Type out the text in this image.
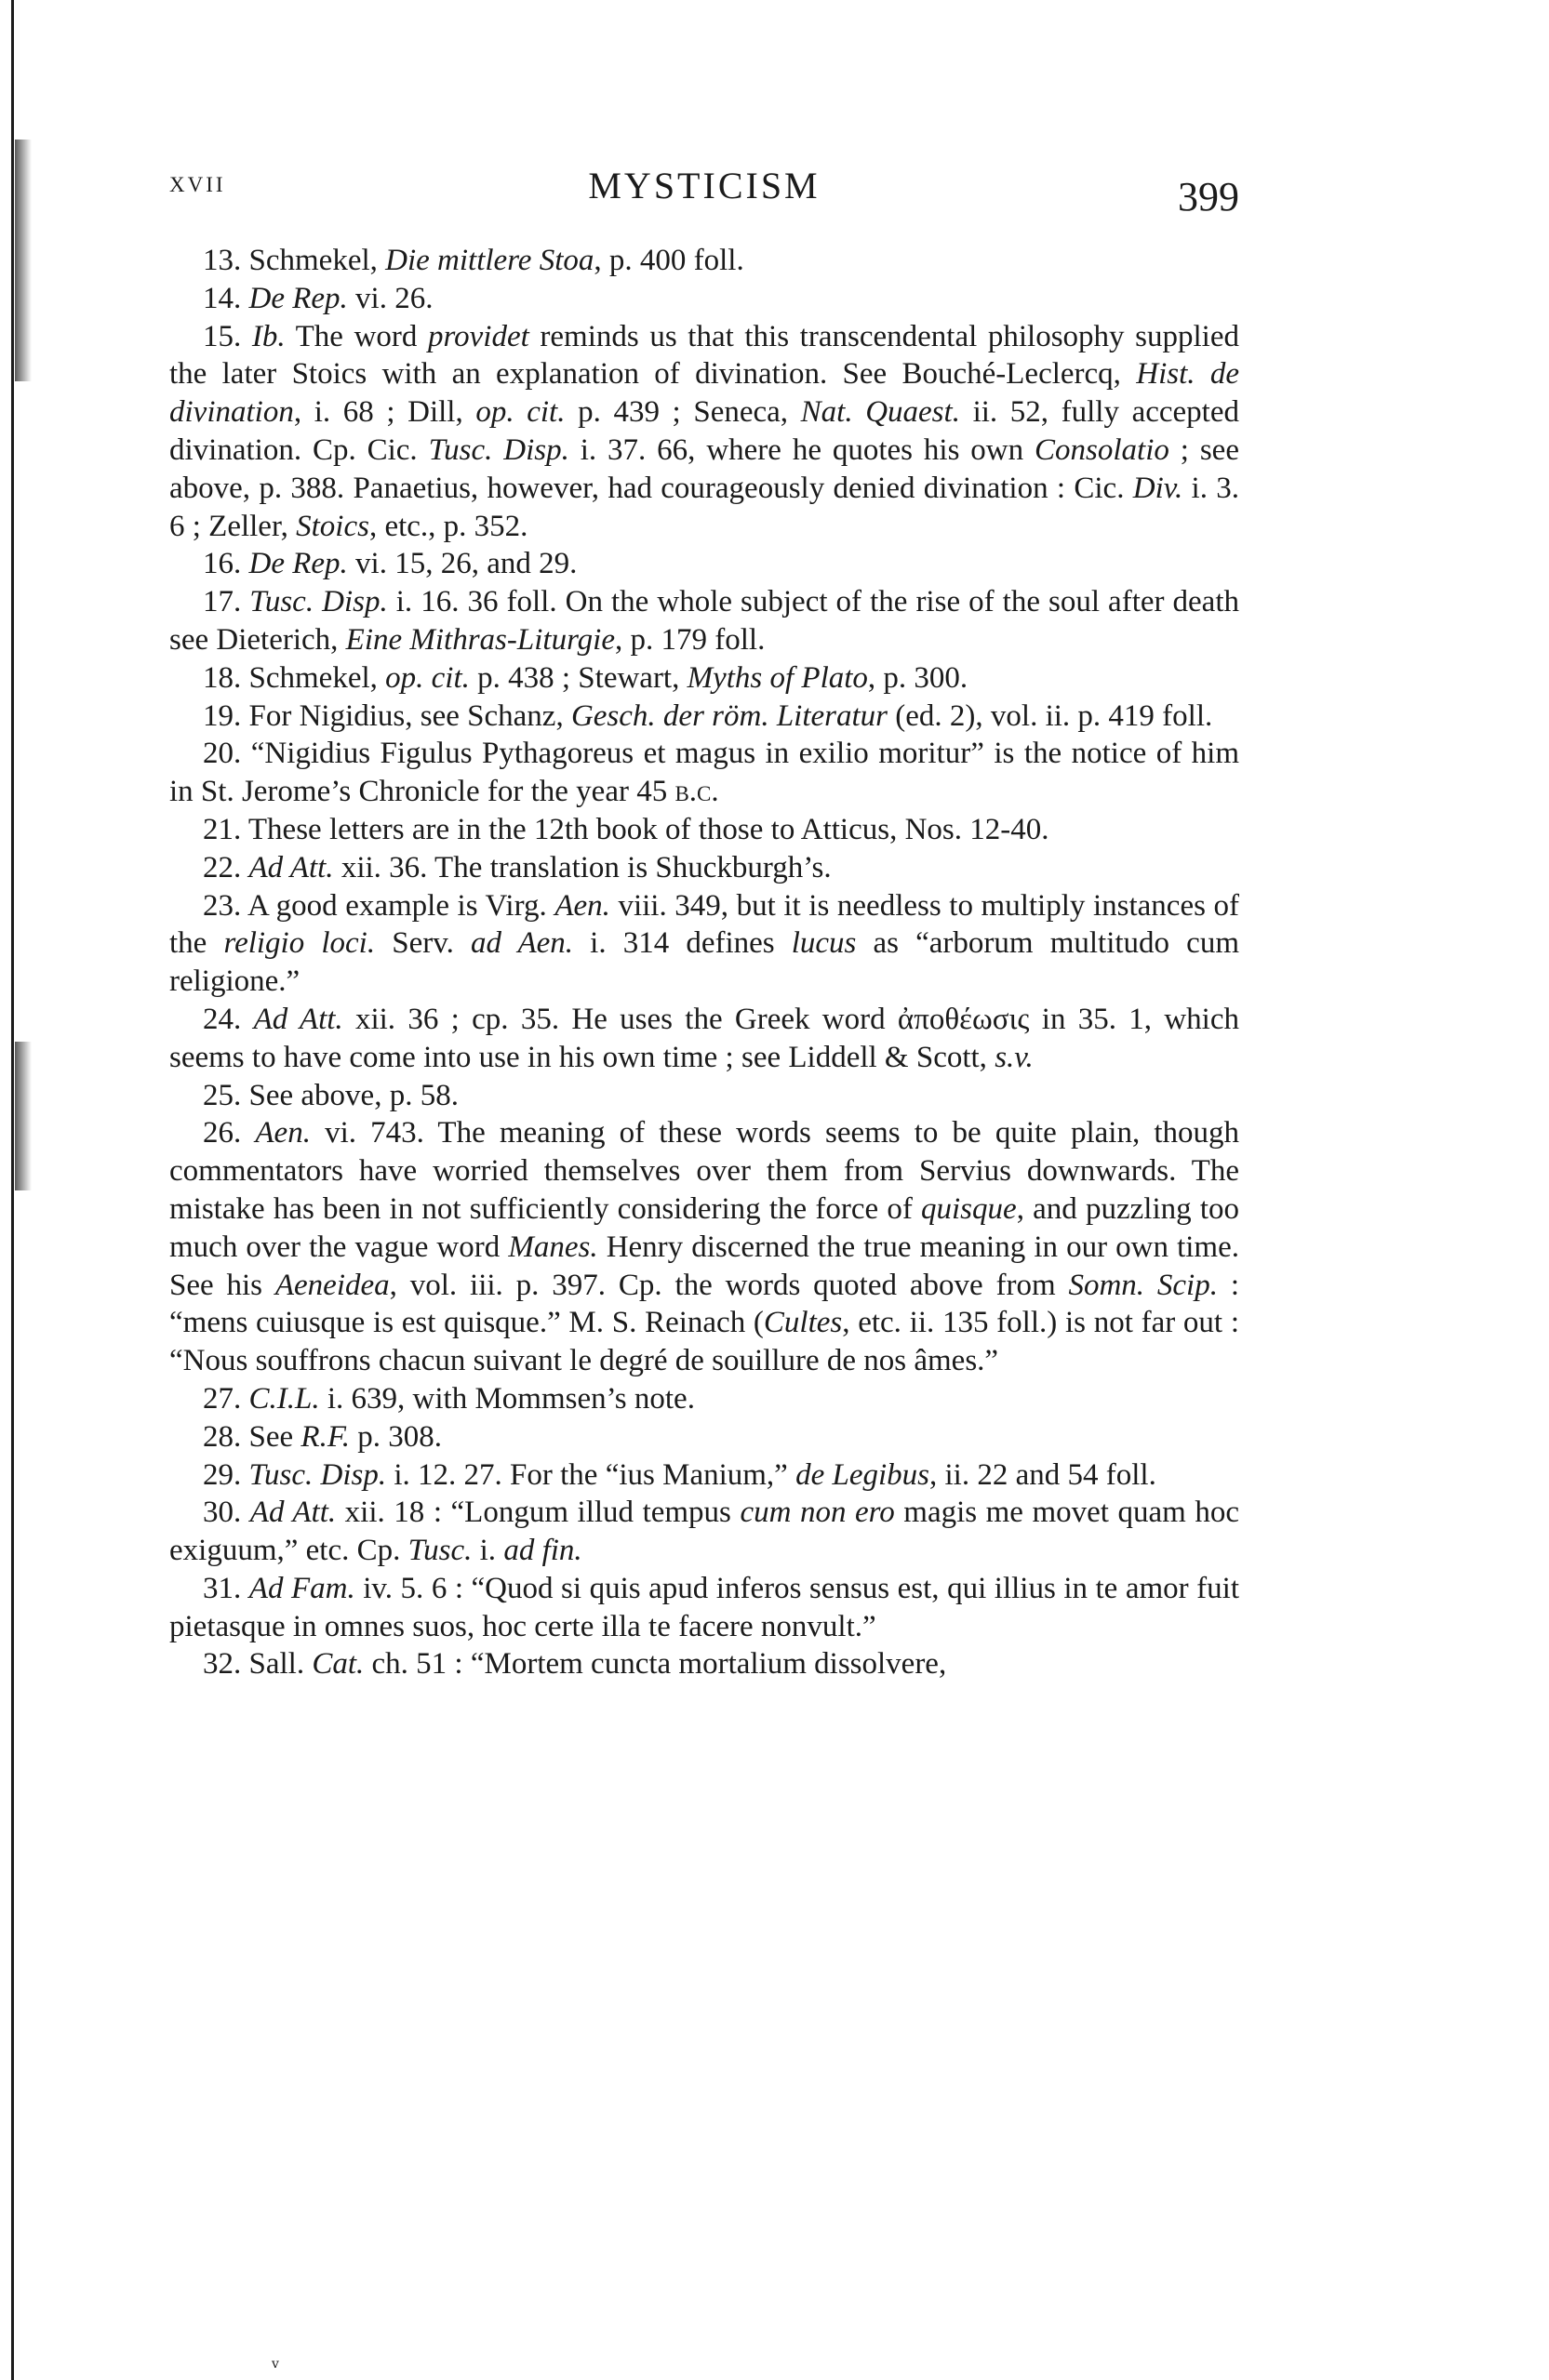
XVII	MYSTICISM	399

13. Schmekel, Die mittlere Stoa, p. 400 foll.

14. De Rep. vi. 26.

15. Ib. The word providet reminds us that this transcendental philosophy supplied the later Stoics with an explanation of divination. See Bouché-Leclercq, Hist. de divination, i. 68 ; Dill, op. cit. p. 439 ; Seneca, Nat. Quaest. ii. 52, fully accepted divination. Cp. Cic. Tusc. Disp. i. 37. 66, where he quotes his own Consolatio ; see above, p. 388. Panaetius, however, had courageously denied divination : Cic. Div. i. 3. 6 ; Zeller, Stoics, etc., p. 352.

16. De Rep. vi. 15, 26, and 29.

17. Tusc. Disp. i. 16. 36 foll. On the whole subject of the rise of the soul after death see Dieterich, Eine Mithras-Liturgie, p. 179 foll.

18. Schmekel, op. cit. p. 438 ; Stewart, Myths of Plato, p. 300.

19. For Nigidius, see Schanz, Gesch. der röm. Literatur (ed. 2), vol. ii. p. 419 foll.

20. “Nigidius Figulus Pythagoreus et magus in exilio moritur” is the notice of him in St. Jerome’s Chronicle for the year 45 b.c.

21. These letters are in the 12th book of those to Atticus, Nos. 12-40.

22. Ad Att. xii. 36. The translation is Shuckburgh’s.

23. A good example is Virg. Aen. viii. 349, but it is needless to multiply instances of the religio loci. Serv. ad Aen. i. 314 defines lucus as “arborum multitudo cum religione.”

24. Ad Att. xii. 36 ; cp. 35. He uses the Greek word ἀποθέωσις in 35. 1, which seems to have come into use in his own time ; see Liddell & Scott, s.v.

25. See above, p. 58.

26. Aen. vi. 743. The meaning of these words seems to be quite plain, though commentators have worried themselves over them from Servius downwards. The mistake has been in not sufficiently considering the force of quisque, and puzzling too much over the vague word Manes. Henry discerned the true meaning in our own time. See his Aeneidea, vol. iii. p. 397. Cp. the words quoted above from Somn. Scip. : “mens cuiusque is est quisque.” M. S. Reinach (Cultes, etc. ii. 135 foll.) is not far out : “Nous souffrons chacun suivant le degré de souillure de nos âmes.”

27. C.I.L. i. 639, with Mommsen’s note.

28. See R.F. p. 308.

29. Tusc. Disp. i. 12. 27. For the “ius Manium,” de Legibus, ii. 22 and 54 foll.

30. Ad Att. xii. 18 : “Longum illud tempus cum non ero magis me movet quam hoc exiguum,” etc. Cp. Tusc. i. ad fin.

31. Ad Fam. iv. 5. 6 : “Quod si quis apud inferos sensus est, qui illius in te amor fuit pietasque in omnes suos, hoc certe illa te facere nonvult.”

32. Sall. Cat. ch. 51 : “Mortem cuncta mortalium dissolvere,

ⅴ
